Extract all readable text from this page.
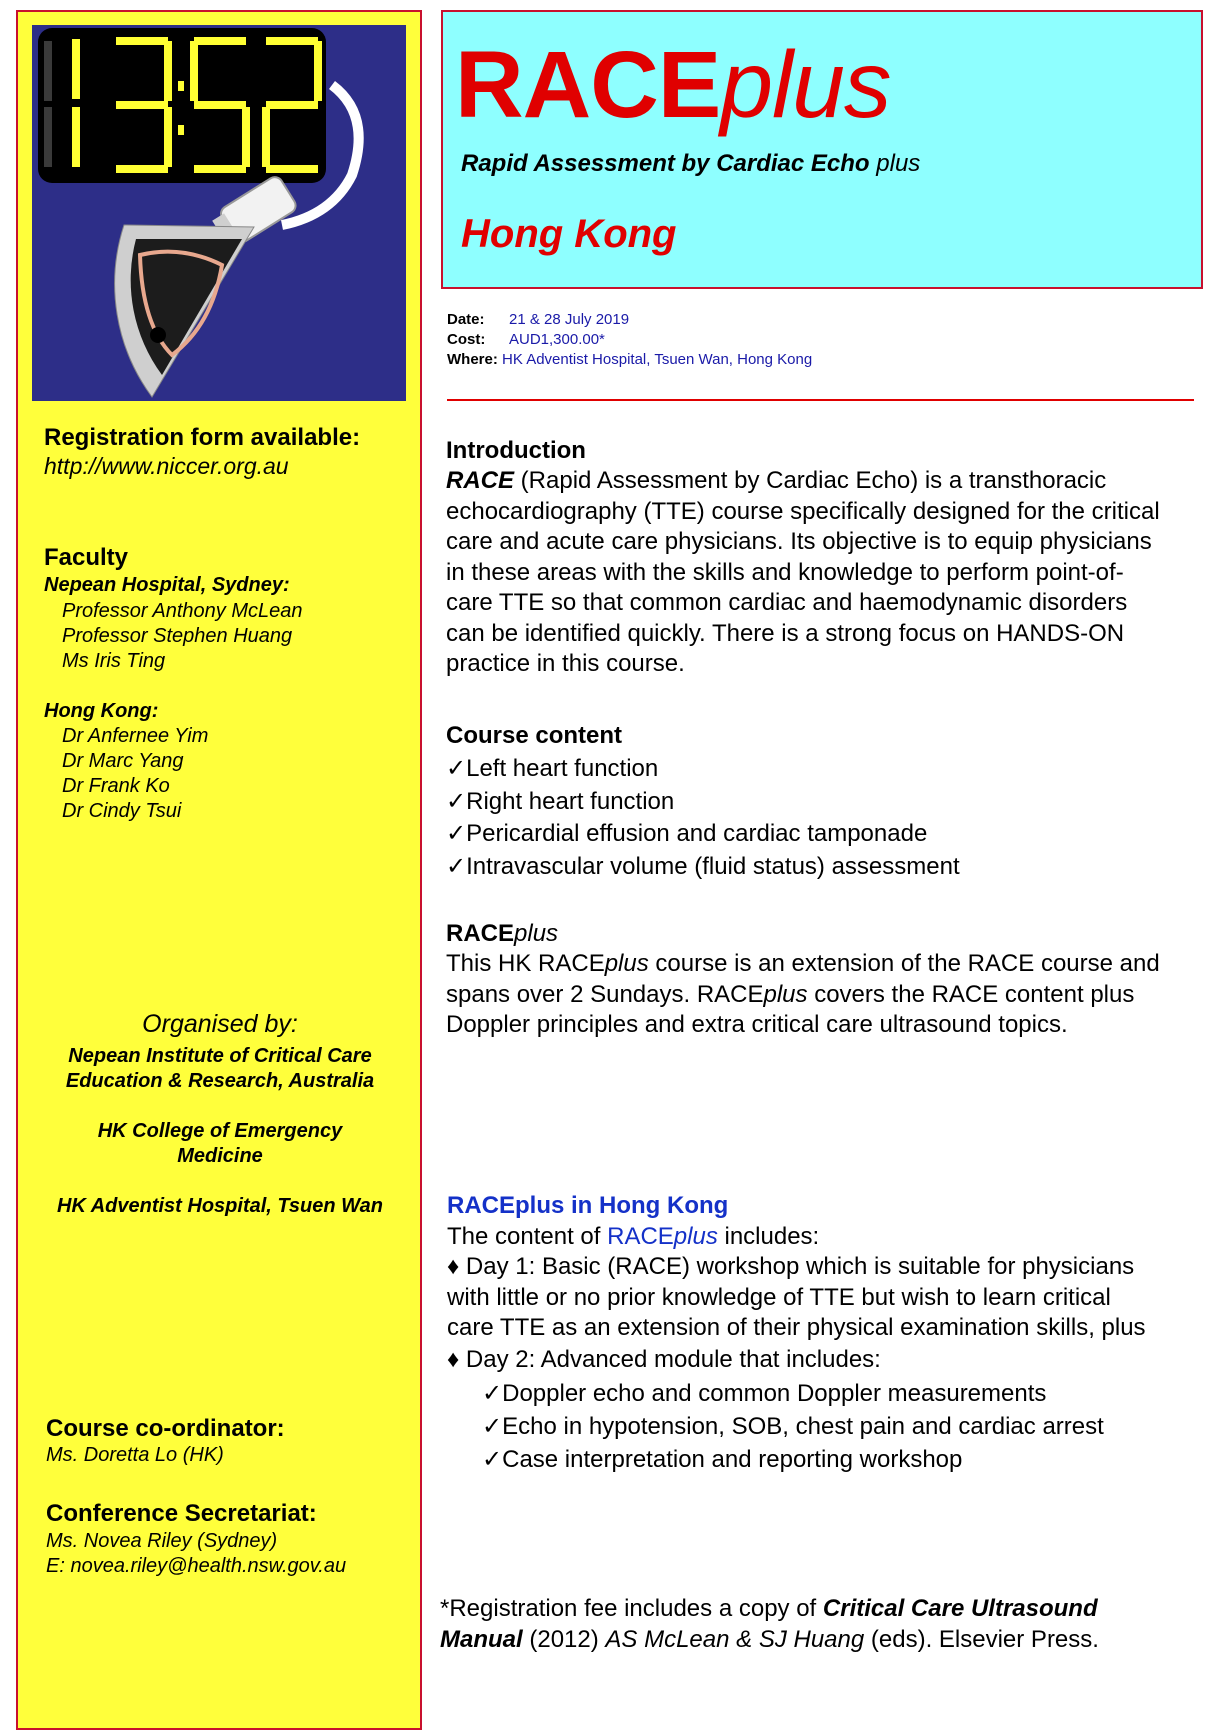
Registration form available:
http://www.niccer.org.au
Faculty
Nepean Hospital, Sydney:
Professor Anthony McLean
Professor Stephen Huang
Ms Iris Ting
Hong Kong:
Dr Anfernee Yim
Dr Marc Yang
Dr Frank Ko
Dr Cindy Tsui
Organised by:
Nepean Institute of Critical Care
Education & Research, Australia
HK College of Emergency
Medicine
HK Adventist Hospital, Tsuen Wan
Course co-ordinator:
Ms. Doretta Lo (HK)
Conference Secretariat:
Ms. Novea Riley (Sydney)
E: novea.riley@health.nsw.gov.au
RACEplus
Rapid Assessment by Cardiac Echo plus
Hong Kong
Date: 21 & 28 July 2019
Cost: AUD1,300.00*
Where: HK Adventist Hospital, Tsuen Wan, Hong Kong
Introduction
RACE (Rapid Assessment by Cardiac Echo) is a transthoracic
echocardiography (TTE) course specifically designed for the critical
care and acute care physicians. Its objective is to equip physicians
in these areas with the skills and knowledge to perform point-of-
care TTE so that common cardiac and haemodynamic disorders
can be identified quickly. There is a strong focus on HANDS-ON
practice in this course.
Course content
✓Left heart function
✓Right heart function
✓Pericardial effusion and cardiac tamponade
✓Intravascular volume (fluid status) assessment
RACEplus
This HK RACEplus course is an extension of the RACE course and
spans over 2 Sundays. RACEplus covers the RACE content plus
Doppler principles and extra critical care ultrasound topics.
RACEplus in Hong Kong
The content of RACEplus includes:
♦ Day 1: Basic (RACE) workshop which is suitable for physicians
with little or no prior knowledge of TTE but wish to learn critical
care TTE as an extension of their physical examination skills, plus
♦ Day 2: Advanced module that includes:
✓Doppler echo and common Doppler measurements
✓Echo in hypotension, SOB, chest pain and cardiac arrest
✓Case interpretation and reporting workshop
*Registration fee includes a copy of Critical Care Ultrasound
Manual (2012) AS McLean & SJ Huang (eds). Elsevier Press.
